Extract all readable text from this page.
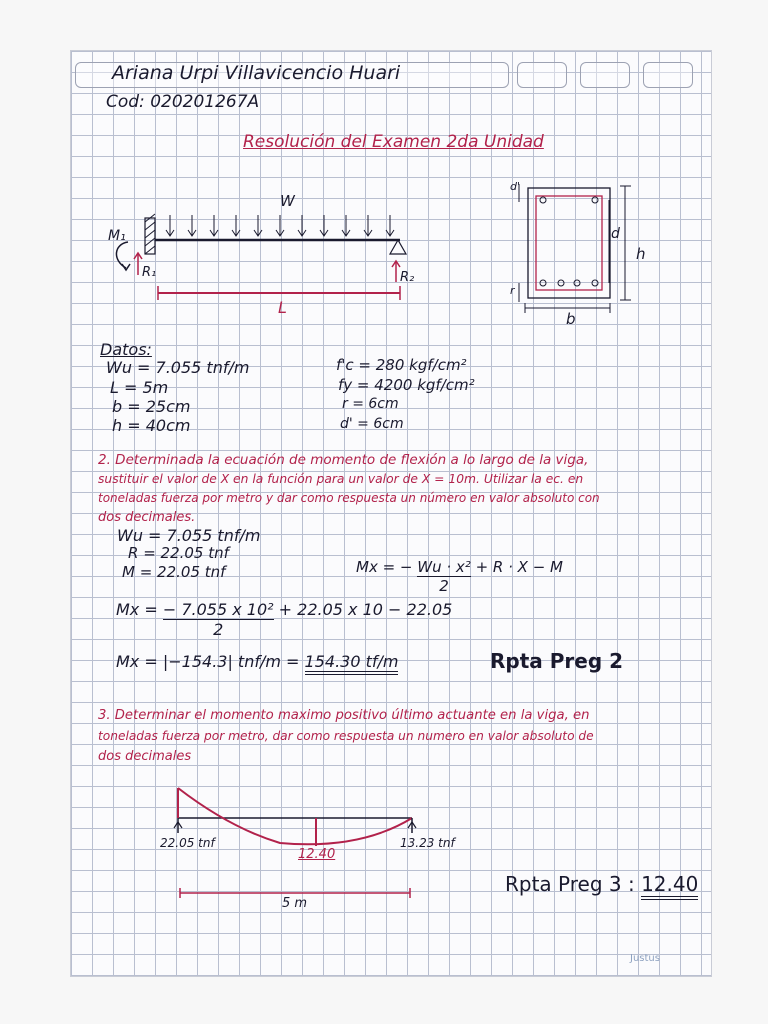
Ariana Urpi Villavicencio Huari
Cod: 020201267A
Resolución del Examen 2da Unidad
W
M₁
R₁	R₂
L
d'
d
h
r
b
Datos:
Wu = 7.055 tnf/m
L = 5m
b = 25cm
h = 40cm
f'c = 280 kgf/cm²
fy = 4200 kgf/cm²
r = 6cm
d' = 6cm
2. Determinada la ecuación de momento de flexión a lo largo de la viga,
sustituir el valor de X en la función para un valor de X = 10m. Utilizar la ec. en
toneladas fuerza por metro y dar como respuesta un número en valor absoluto con
dos decimales.
Wu = 7.055 tnf/m
R = 22.05 tnf
M = 22.05 tnf	Mx = − $\frac{\text{Wu · x²}}{2} + R \cdot X - M$
$Mx = \frac{\text{− 7.055 x 10²}}{2} + 22.05$ x 10 − 22.05
Mx = |−154.3| tnf/m = 154.30 tf/m	Rpta Preg 2
3. Determinar el momento maximo positivo último actuante en la viga, en
toneladas fuerza por metro, dar como respuesta un numero en valor absoluto de
dos decimales
22.05 tnf
12.40
13.23 tnf
5 m
Rpta Preg 3 : 12.40
Justus
